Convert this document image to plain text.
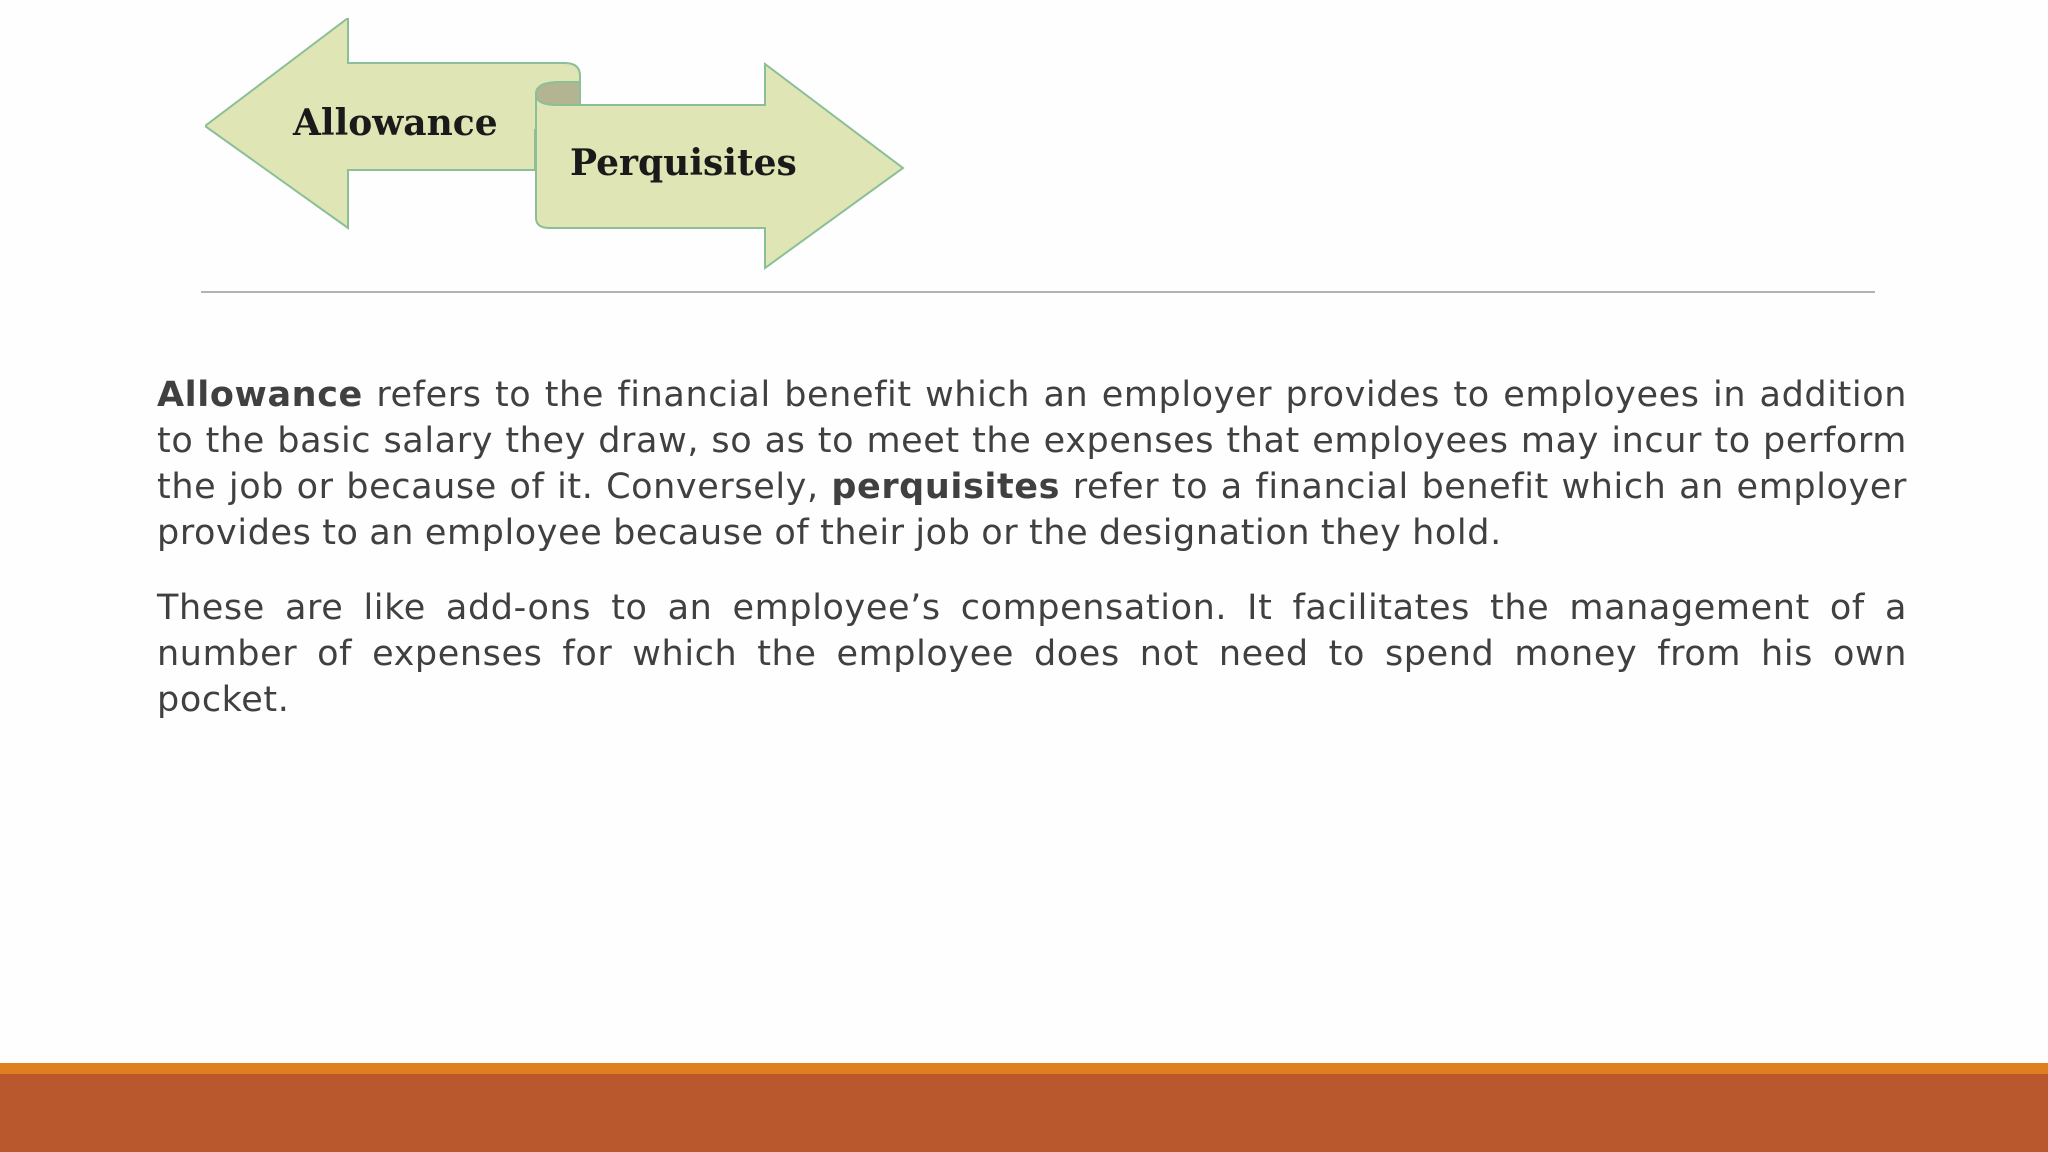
Allowance
Perquisites

Allowance refers to the financial benefit which an employer provides to employees in addition to the basic salary they draw, so as to meet the expenses that employees may incur to perform the job or because of it. Conversely, perquisites refer to a financial benefit which an employer provides to an employee because of their job or the designation they hold.

These are like add-ons to an employee’s compensation. It facilitates the management of a number of expenses for which the employee does not need to spend money from his own pocket.
